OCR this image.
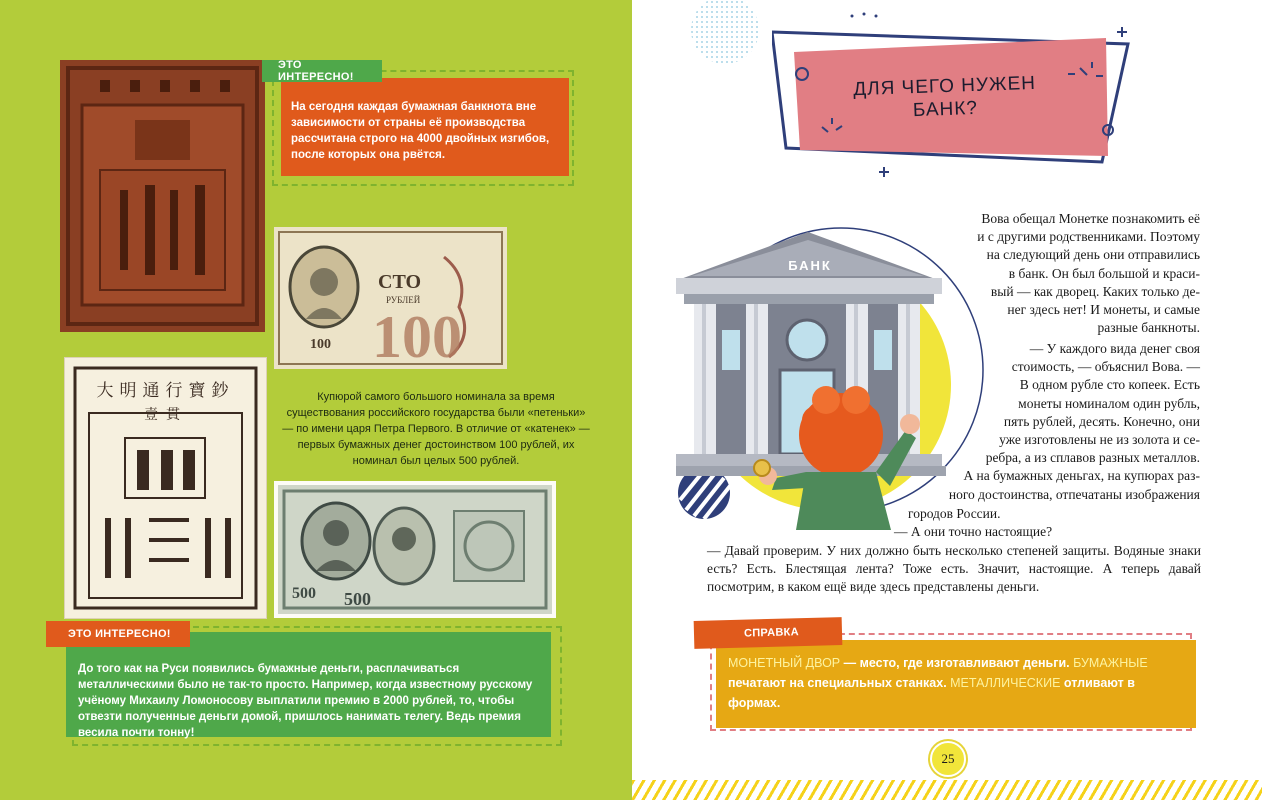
На сегодня каждая бумажная банкнота вне зависимости от страны её производства рассчитана строго на 4000 двойных изгибов, после которых она рвётся.
ЭТО ИНТЕРЕСНО!
100
СТО
РУБЛЕЙ
100
大明通行寶鈔
壹貫
Купюрой самого большого номинала за время существования российского государства были «петеньки» — по имени царя Петра Первого. В отличие от «катенек» — первых бумажных денег достоинством 100 рублей, их номинал был целых 500 рублей.
500 500
До того как на Руси появились бумажные деньги, расплачиваться металлическими было не так-то просто. Например, когда известному русскому учёному Михаилу Ломоносову выплатили премию в 2000 рублей, то, чтобы отвезти полученные деньги домой, пришлось нанимать телегу. Ведь премия весила почти тонну!
ЭТО ИНТЕРЕСНО!
ДЛЯ ЧЕГО НУЖЕН
БАНК?
БАНК
Вова обещал Монетке познакомить её
и с другими родственниками. Поэтому
на следующий день они отправились
в банк. Он был большой и краси-
вый — как дворец. Каких только де-
нег здесь нет! И монеты, и самые
разные банкноты.
— У каждого вида денег своя
стоимость, — объяснил Вова. —
В одном рубле сто копеек. Есть
монеты номиналом один рубль,
пять рублей, десять. Конечно, они
уже изготовлены не из золота и се-
ребра, а из сплавов разных металлов.
А на бумажных деньгах, на купюрах раз-
ного достоинства, отпечатаны изображения
городов России.
— А они точно настоящие?
— Давай проверим. У них должно быть несколько степеней защиты. Водяные знаки есть? Есть. Блестящая лента? Тоже есть. Значит, настоящие. А теперь давай посмотрим, в каком ещё виде здесь представлены деньги.
МОНЕТНЫЙ ДВОР — место, где изготавливают деньги. БУМАЖНЫЕ печатают на специальных станках. МЕТАЛЛИЧЕСКИЕ отливают в формах.
СПРАВКА
25
